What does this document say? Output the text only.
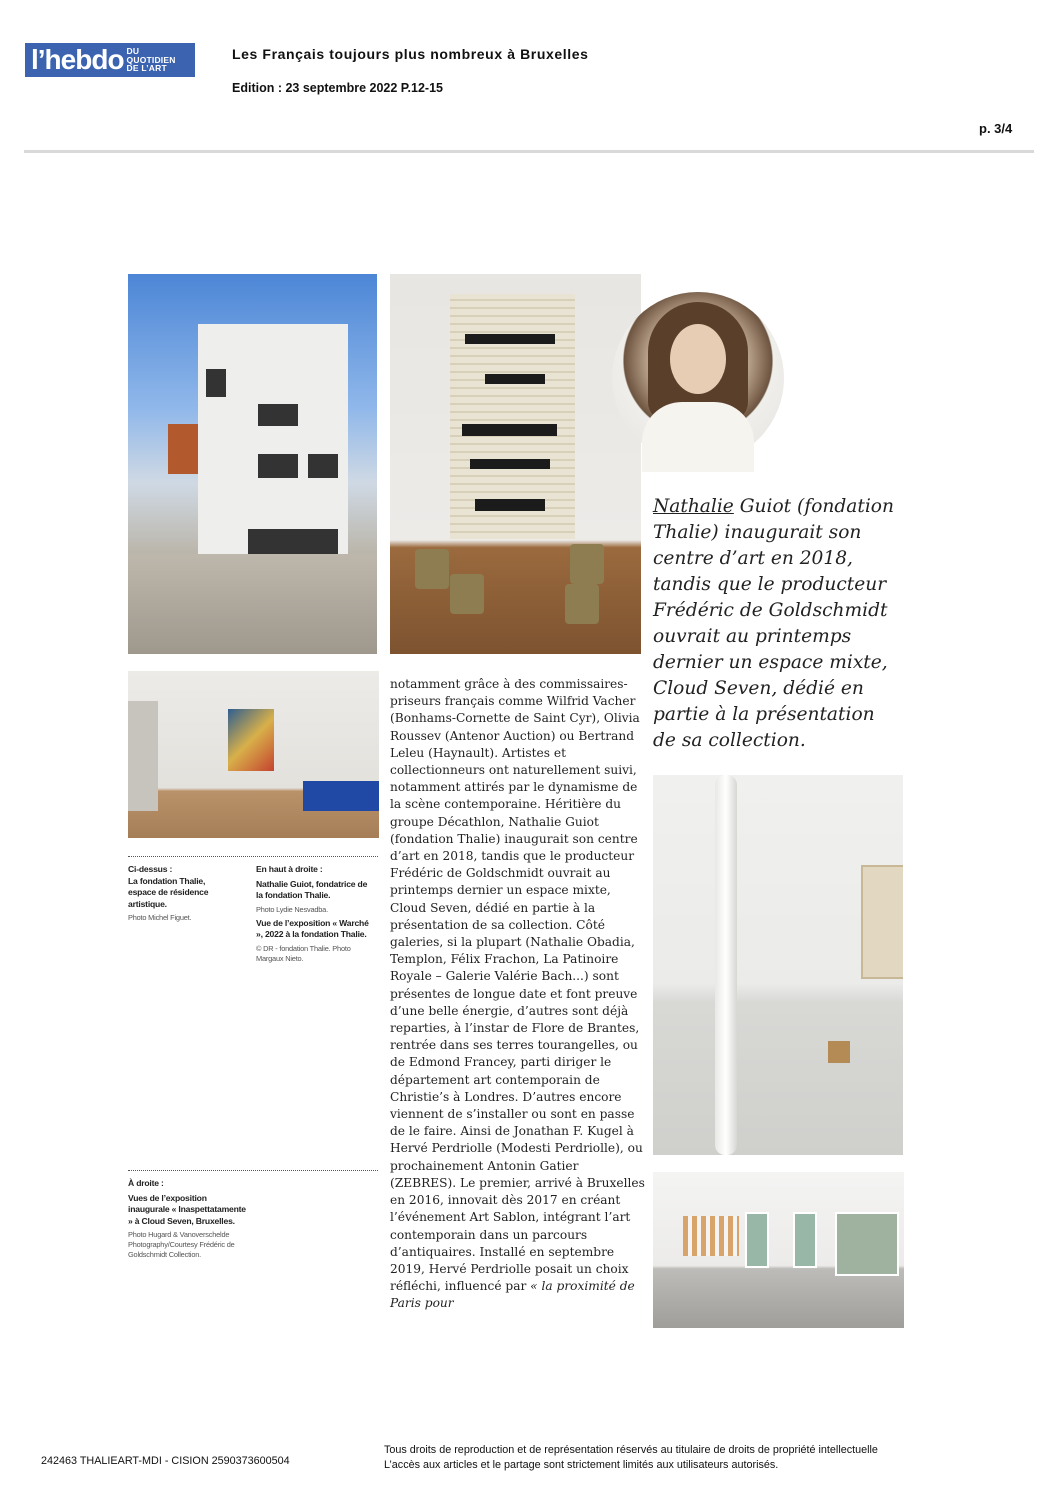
l’hebdo DU
QUOTIDIEN
DE L’ART
Les Français toujours plus nombreux à Bruxelles
Edition : 23 septembre 2022 P.12-15
p. 3/4
Nathalie Guiot (fondation Thalie) inaugurait son centre d’art en 2018, tandis que le producteur Frédéric de Goldschmidt ouvrait au printemps dernier un espace mixte, Cloud Seven, dédié en partie à la présentation de sa collection.
Ci-dessus :
La fondation Thalie, espace de résidence artistique.
Photo Michel Figuet.
En haut à droite :
Nathalie Guiot, fondatrice de la fondation Thalie.
Photo Lydie Nesvadba.
Vue de l’exposition « Warché », 2022 à la fondation Thalie.
© DR - fondation Thalie. Photo Margaux Nieto.
À droite :
Vues de l’exposition inaugurale « Inaspettatamente » à Cloud Seven, Bruxelles.
Photo Hugard & Vanoverschelde Photography/Courtesy Frédéric de Goldschmidt Collection.

notamment grâce à des commissaires-priseurs français comme Wilfrid Vacher (Bonhams-Cornette de Saint Cyr), Olivia Roussev (Antenor Auction) ou Bertrand Leleu (Haynault). Artistes et collectionneurs ont naturellement suivi, notamment attirés par le dynamisme de la scène contemporaine. Héritière du groupe Décathlon, Nathalie Guiot (fondation Thalie) inaugurait son centre d’art en 2018, tandis que le producteur Frédéric de Goldschmidt ouvrait au printemps dernier un espace mixte, Cloud Seven, dédié en partie à la présentation de sa collection. Côté galeries, si la plupart (Nathalie Obadia, Templon, Félix Frachon, La Patinoire Royale – Galerie Valérie Bach...) sont présentes de longue date et font preuve d’une belle énergie, d’autres sont déjà reparties, à l’instar de Flore de Brantes, rentrée dans ses terres tourangelles, ou de Edmond Francey, parti diriger le département art contemporain de Christie’s à Londres. D’autres encore viennent de s’installer ou sont en passe de le faire. Ainsi de Jonathan F. Kugel à Hervé Perdriolle (Modesti Perdriolle), ou prochainement Antonin Gatier (ZEBRES). Le premier, arrivé à Bruxelles en 2016, innovait dès 2017 en créant l’événement Art Sablon, intégrant l’art contemporain dans un parcours d’antiquaires. Installé en septembre 2019, Hervé Perdriolle posait un choix réfléchi, influencé par « la proximité de Paris pour

242463 THALIEART-MDI - CISION 2590373600504
Tous droits de reproduction et de représentation réservés au titulaire de droits de propriété intellectuelle
L’accès aux articles et le partage sont strictement limités aux utilisateurs autorisés.
